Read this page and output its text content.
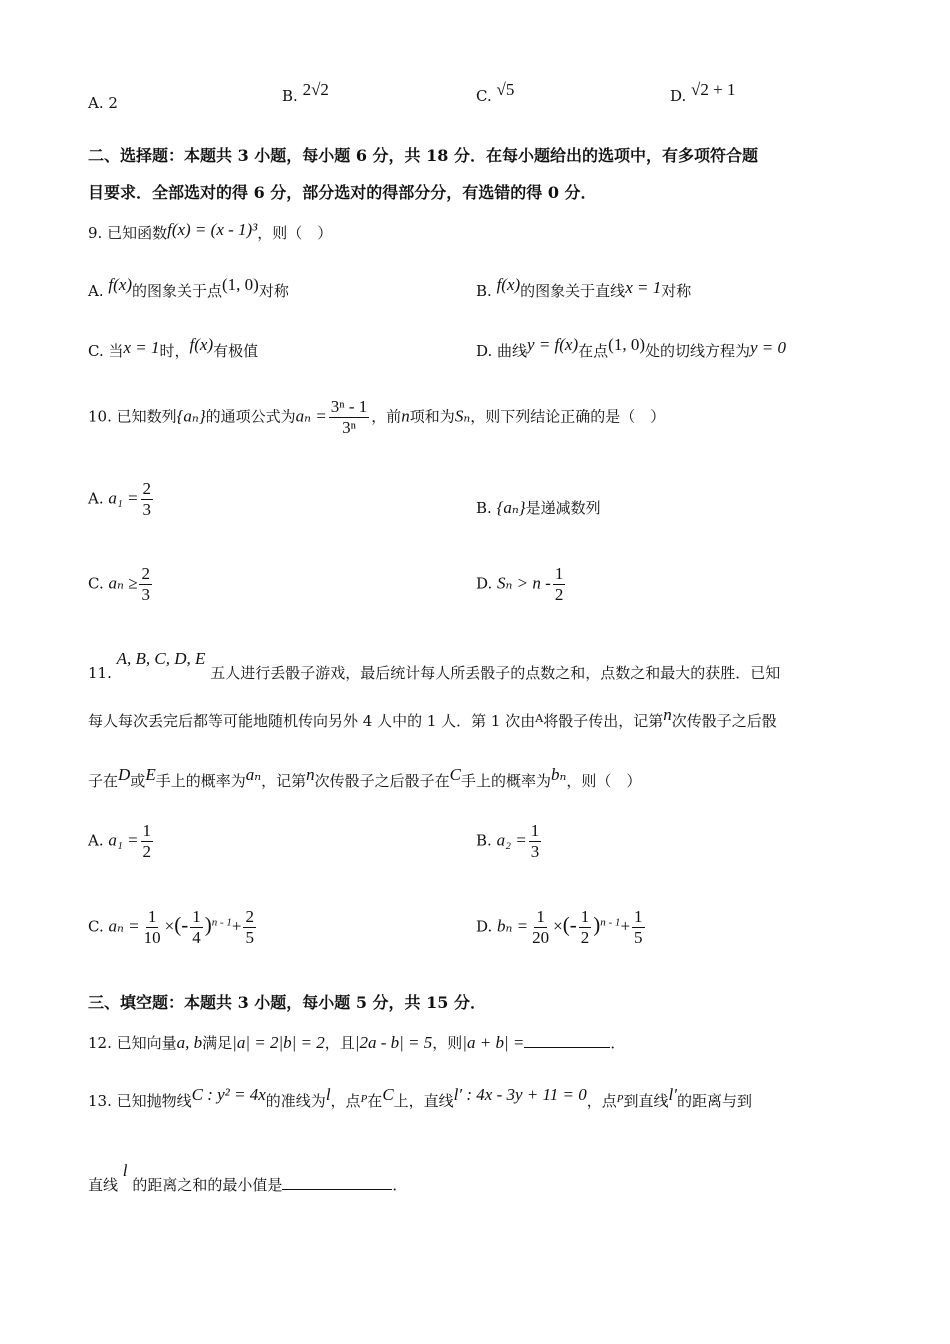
A. 2	B. 2√2	C. √5	D. √2 + 1
二、选择题：本题共 3 小题，每小题 6 分，共 18 分．在每小题给出的选项中，有多项符合题
目要求．全部选对的得 6 分，部分选对的得部分分，有选错的得 0 分．
9. 已知函数f(x) = (x - 1)³，则（　）
A. f(x)的图象关于点(1, 0)对称	B. f(x)的图象关于直线x = 1对称
C. 当x = 1时，f(x)有极值	D. 曲线y = f(x)在点(1, 0)处的切线方程为y = 0
10. 已知数列{aₙ}的通项公式为$a_n = \frac{\text{3ⁿ - 1}}{\text{3ⁿ}}$ ，前n项和为Sₙ，则下列结论正确的是（　）
A. $a_1 = \frac{2}{3}$	B. {aₙ}是递减数列
C. $a_n \ge \frac{2}{3}$	D. $S_n > n - \frac{1}{2}$
11. A, B, C, D, E 五人进行丢骰子游戏，最后统计每人所丢骰子的点数之和，点数之和最大的获胜．已知
每人每次丢完后都等可能地随机传向另外 4 人中的 1 人．第 1 次由$^A$将骰子传出，记第n次传骰子之后骰
子在D或E手上的概率为aₙ，记第n次传骰子之后骰子在C手上的概率为bₙ，则（　）
A. $a_1 = \frac{1}{2}$	B. $a_2 = \frac{1}{3}$
C. $a_n = \frac{1}{10}$ ×(- $\frac{1}{4} )^{n - 1}+ \frac{2}{5}$	D. $b_n = \frac{1}{20}$ ×(- $\frac{1}{2} )^{n - 1}+ \frac{1}{5}$
三、填空题：本题共 3 小题，每小题 5 分，共 15 分．
12. 已知向量a, b满足|a| = 2|b| = 2，且|2a - b| = 5，则|a + b| =	．
13. 已知抛物线C : y² = 4x的准线为l，点$^P$在C上，直线l′ : 4x - 3y + 11 = 0，点$^P$到直线l′的距离与到
直线 l 的距离之和的最小值是	．
